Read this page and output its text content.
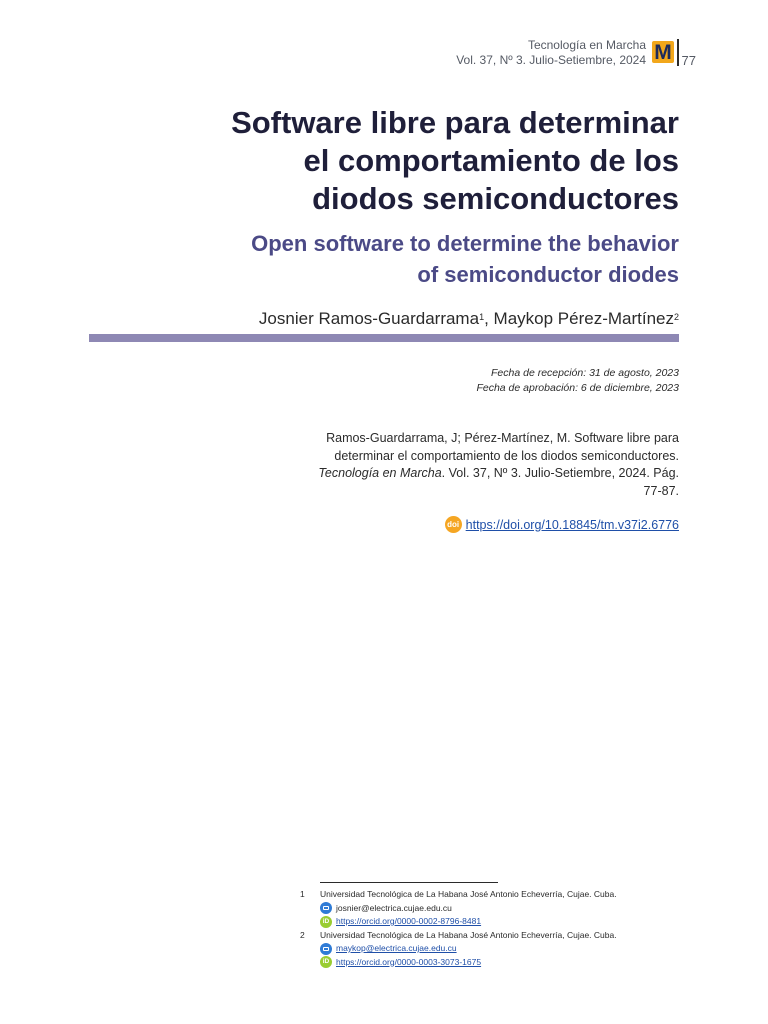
Tecnología en Marcha
Vol. 37, Nº 3. Julio-Setiembre, 2024 M 77
Software libre para determinar
el comportamiento de los
diodos semiconductores
Open software to determine the behavior
of semiconductor diodes
Josnier Ramos-Guardarrama$^1$, Maykop Pérez-Martínez$^2$
Fecha de recepción: 31 de agosto, 2023
Fecha de aprobación: 6 de diciembre, 2023
Ramos-Guardarrama, J; Pérez-Martínez, M. Software libre para determinar el comportamiento de los diodos semiconductores. Tecnología en Marcha. Vol. 37, Nº 3. Julio-Setiembre, 2024. Pág. 77-87.
doi https://doi.org/10.18845/tm.v37i2.6776
1	Universidad Tecnológica de La Habana José Antonio Echeverría, Cujae. Cuba.
josnier@electrica.cujae.edu.cu
iD https://orcid.org/0000-0002-8796-8481
2	Universidad Tecnológica de La Habana José Antonio Echeverría, Cujae. Cuba.
maykop@electrica.cujae.edu.cu
iD https://orcid.org/0000-0003-3073-1675
